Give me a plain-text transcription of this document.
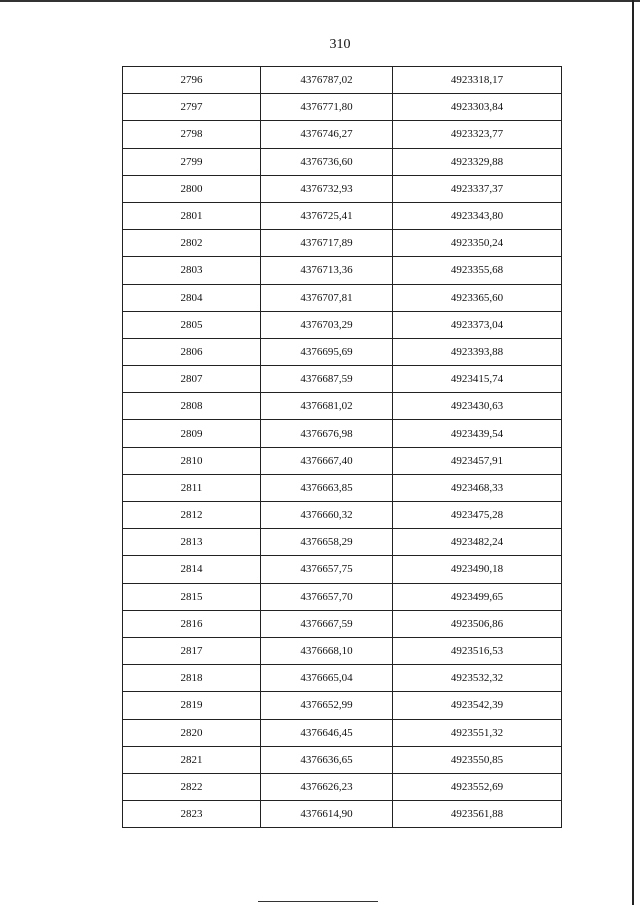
310
2796	4376787,02	4923318,17
2797	4376771,80	4923303,84
2798	4376746,27	4923323,77
2799	4376736,60	4923329,88
2800	4376732,93	4923337,37
2801	4376725,41	4923343,80
2802	4376717,89	4923350,24
2803	4376713,36	4923355,68
2804	4376707,81	4923365,60
2805	4376703,29	4923373,04
2806	4376695,69	4923393,88
2807	4376687,59	4923415,74
2808	4376681,02	4923430,63
2809	4376676,98	4923439,54
2810	4376667,40	4923457,91
2811	4376663,85	4923468,33
2812	4376660,32	4923475,28
2813	4376658,29	4923482,24
2814	4376657,75	4923490,18
2815	4376657,70	4923499,65
2816	4376667,59	4923506,86
2817	4376668,10	4923516,53
2818	4376665,04	4923532,32
2819	4376652,99	4923542,39
2820	4376646,45	4923551,32
2821	4376636,65	4923550,85
2822	4376626,23	4923552,69
2823	4376614,90	4923561,88
